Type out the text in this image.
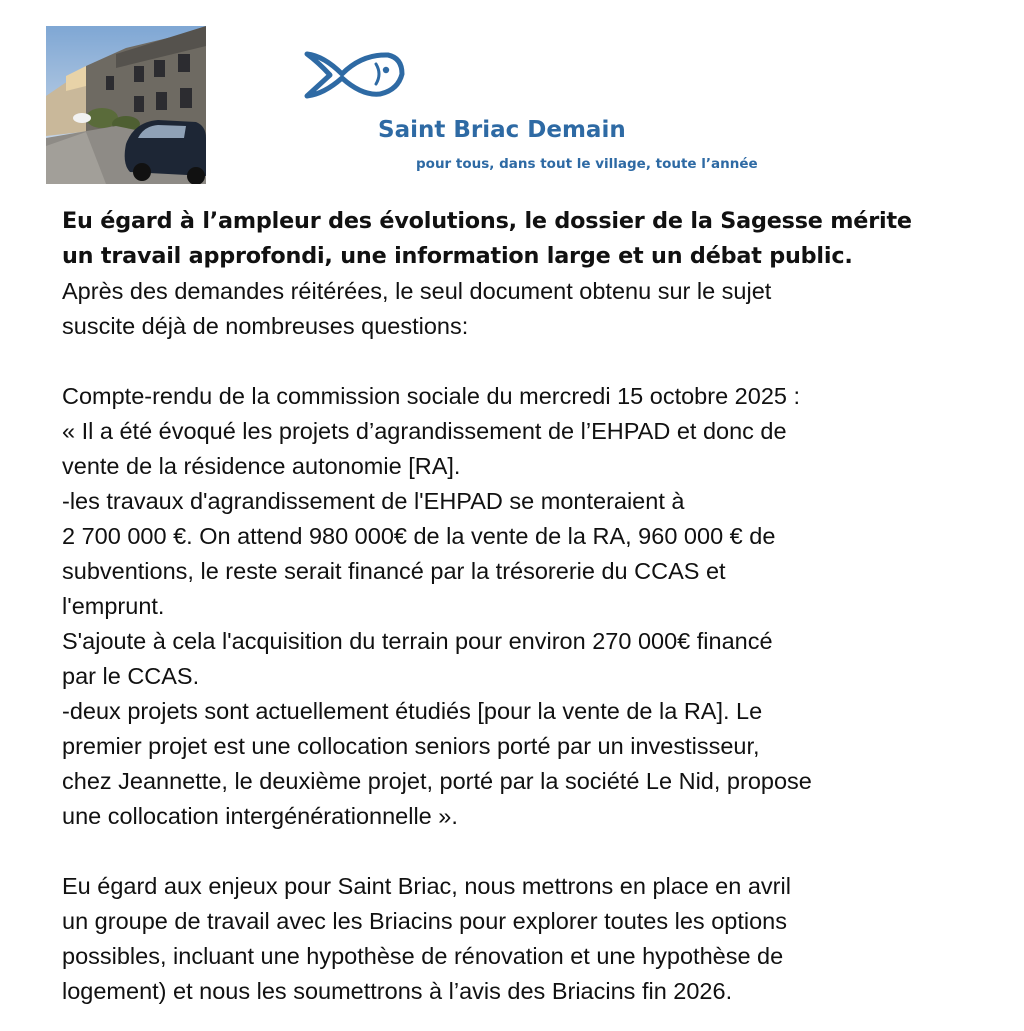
Saint Briac Demain

pour tous, dans tout le village, toute l’année

Eu égard à l’ampleur des évolutions, le dossier de la Sagesse mérite
un travail approfondi, une information large et un débat public.

Après des demandes réitérées, le seul document obtenu sur le sujet
suscite déjà de nombreuses questions:

Compte-rendu de la commission sociale du mercredi 15 octobre 2025 :
« Il a été évoqué les projets d’agrandissement de l’EHPAD et donc de
vente de la résidence autonomie [RA].
-les travaux d'agrandissement de l'EHPAD se monteraient à
2 700 000 €. On attend 980 000€ de la vente de la RA, 960 000 € de
subventions, le reste serait financé par la trésorerie du CCAS et
l'emprunt.
S'ajoute à cela l'acquisition du terrain pour environ 270 000€ financé
par le CCAS.
-deux projets sont actuellement étudiés [pour la vente de la RA]. Le
premier projet est une collocation seniors porté par un investisseur,
chez Jeannette, le deuxième projet, porté par la société Le Nid, propose
une collocation intergénérationnelle ».

Eu égard aux enjeux pour Saint Briac, nous mettrons en place en avril
un groupe de travail avec les Briacins pour explorer toutes les options
possibles, incluant une hypothèse de rénovation et une hypothèse de
logement) et nous les soumettrons à l’avis des Briacins fin 2026.
